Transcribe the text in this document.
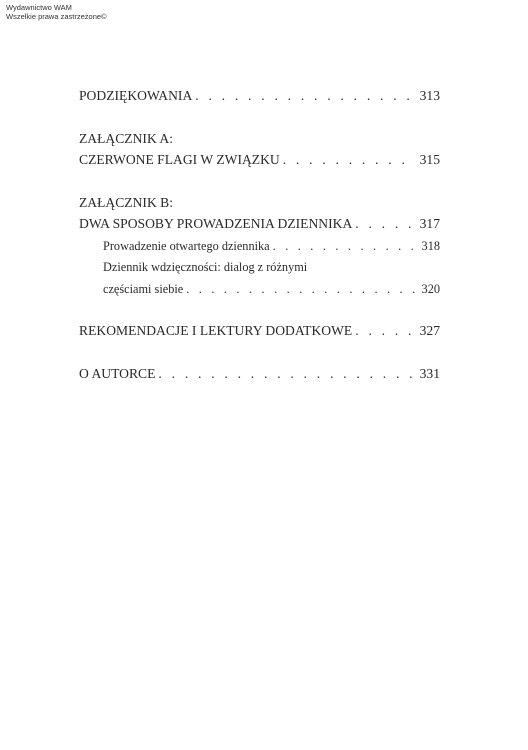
Wydawnictwo WAM
Wszelkie prawa zastrzeżone©
PODZIĘKOWANIA . . .	313
ZAŁĄCZNIK A:
CZERWONE FLAGI W ZWIĄZKU . . .	315
ZAŁĄCZNIK B:
DWA SPOSOBY PROWADZENIA DZIENNIKA . . .	317
Prowadzenie otwartego dziennika . . .	318
Dziennik wdzięczności: dialog z różnymi
częściami siebie . . .	320
REKOMENDACJE I LEKTURY DODATKOWE . . .	327
O AUTORCE . . .	331
